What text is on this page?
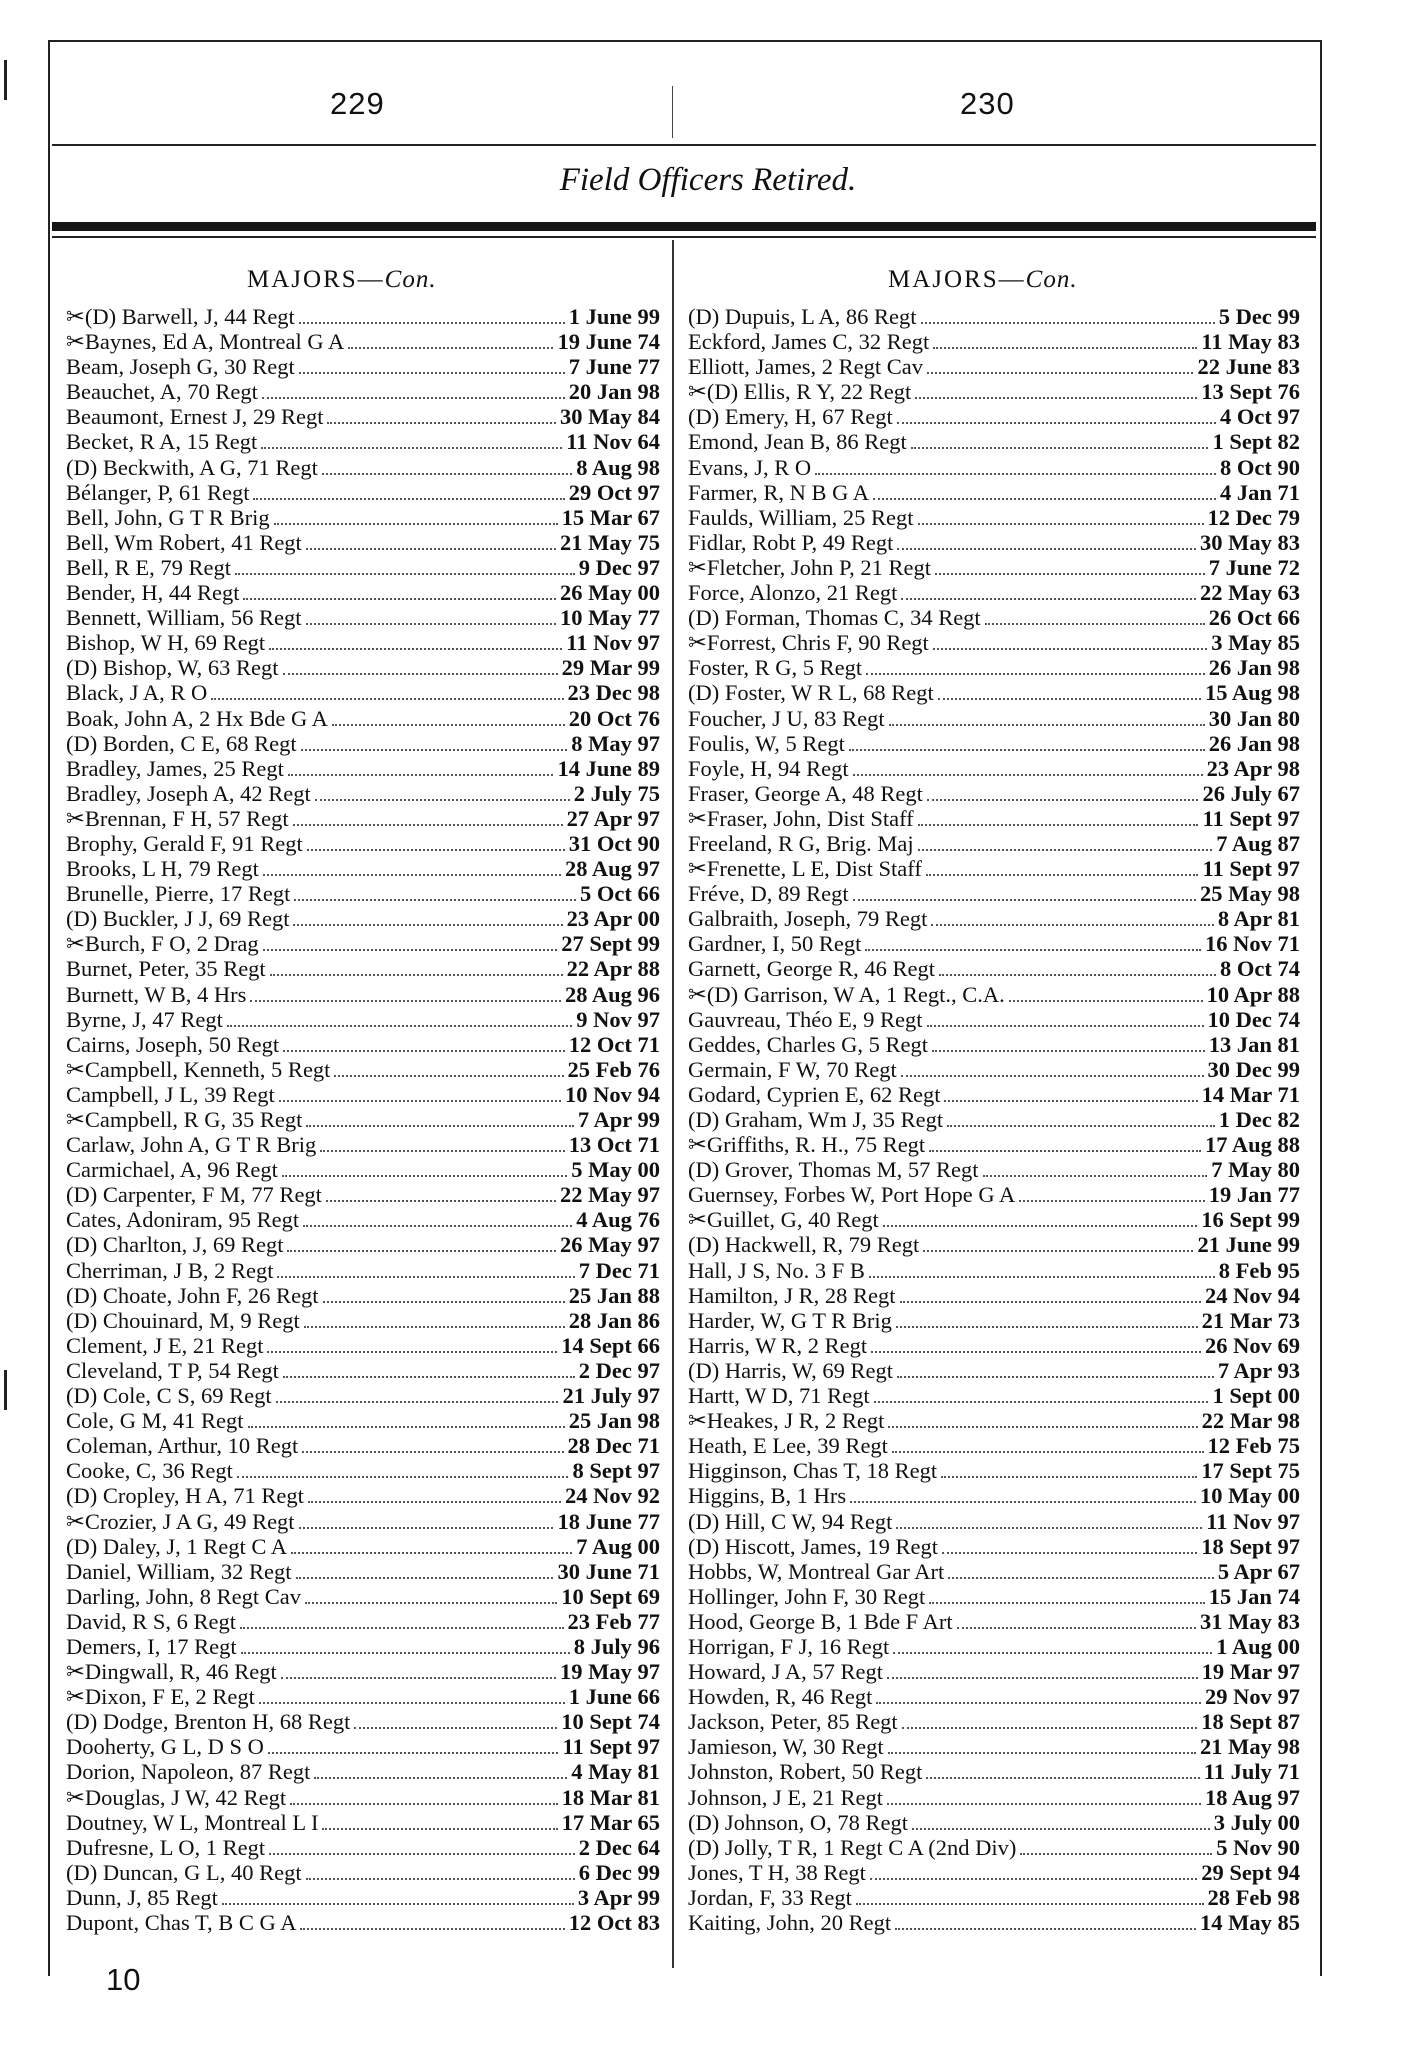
229	230
Field Officers Retired.
MAJORS—Con.	MAJORS—Con.
✂(D) Barwell, J, 44 Regt	1 June 99
✂Baynes, Ed A, Montreal G A	19 June 74
Beam, Joseph G, 30 Regt	7 June 77
Beauchet, A, 70 Regt	20 Jan 98
Beaumont, Ernest J, 29 Regt	30 May 84
Becket, R A, 15 Regt	11 Nov 64
(D) Beckwith, A G, 71 Regt	8 Aug 98
Bélanger, P, 61 Regt	29 Oct 97
Bell, John, G T R Brig	15 Mar 67
Bell, Wm Robert, 41 Regt	21 May 75
Bell, R E, 79 Regt	9 Dec 97
Bender, H, 44 Regt	26 May 00
Bennett, William, 56 Regt	10 May 77
Bishop, W H, 69 Regt	11 Nov 97
(D) Bishop, W, 63 Regt	29 Mar 99
Black, J A, R O	23 Dec 98
Boak, John A, 2 Hx Bde G A	20 Oct 76
(D) Borden, C E, 68 Regt	8 May 97
Bradley, James, 25 Regt	14 June 89
Bradley, Joseph A, 42 Regt	2 July 75
✂Brennan, F H, 57 Regt	27 Apr 97
Brophy, Gerald F, 91 Regt	31 Oct 90
Brooks, L H, 79 Regt	28 Aug 97
Brunelle, Pierre, 17 Regt	5 Oct 66
(D) Buckler, J J, 69 Regt	23 Apr 00
✂Burch, F O, 2 Drag	27 Sept 99
Burnet, Peter, 35 Regt	22 Apr 88
Burnett, W B, 4 Hrs	28 Aug 96
Byrne, J, 47 Regt	9 Nov 97
Cairns, Joseph, 50 Regt	12 Oct 71
✂Campbell, Kenneth, 5 Regt	25 Feb 76
Campbell, J L, 39 Regt	10 Nov 94
✂Campbell, R G, 35 Regt	7 Apr 99
Carlaw, John A, G T R Brig	13 Oct 71
Carmichael, A, 96 Regt	5 May 00
(D) Carpenter, F M, 77 Regt	22 May 97
Cates, Adoniram, 95 Regt	4 Aug 76
(D) Charlton, J, 69 Regt	26 May 97
Cherriman, J B, 2 Regt	7 Dec 71
(D) Choate, John F, 26 Regt	25 Jan 88
(D) Chouinard, M, 9 Regt	28 Jan 86
Clement, J E, 21 Regt	14 Sept 66
Cleveland, T P, 54 Regt	2 Dec 97
(D) Cole, C S, 69 Regt	21 July 97
Cole, G M, 41 Regt	25 Jan 98
Coleman, Arthur, 10 Regt	28 Dec 71
Cooke, C, 36 Regt	8 Sept 97
(D) Cropley, H A, 71 Regt	24 Nov 92
✂Crozier, J A G, 49 Regt	18 June 77
(D) Daley, J, 1 Regt C A	7 Aug 00
Daniel, William, 32 Regt	30 June 71
Darling, John, 8 Regt Cav	10 Sept 69
David, R S, 6 Regt	23 Feb 77
Demers, I, 17 Regt	8 July 96
✂Dingwall, R, 46 Regt	19 May 97
✂Dixon, F E, 2 Regt	1 June 66
(D) Dodge, Brenton H, 68 Regt	10 Sept 74
Dooherty, G L, D S O	11 Sept 97
Dorion, Napoleon, 87 Regt	4 May 81
✂Douglas, J W, 42 Regt	18 Mar 81
Doutney, W L, Montreal L I	17 Mar 65
Dufresne, L O, 1 Regt	2 Dec 64
(D) Duncan, G L, 40 Regt	6 Dec 99
Dunn, J, 85 Regt	3 Apr 99
Dupont, Chas T, B C G A	12 Oct 83
(D) Dupuis, L A, 86 Regt	5 Dec 99
Eckford, James C, 32 Regt	11 May 83
Elliott, James, 2 Regt Cav	22 June 83
✂(D) Ellis, R Y, 22 Regt	13 Sept 76
(D) Emery, H, 67 Regt	4 Oct 97
Emond, Jean B, 86 Regt	1 Sept 82
Evans, J, R O	8 Oct 90
Farmer, R, N B G A	4 Jan 71
Faulds, William, 25 Regt	12 Dec 79
Fidlar, Robt P, 49 Regt	30 May 83
✂Fletcher, John P, 21 Regt	7 June 72
Force, Alonzo, 21 Regt	22 May 63
(D) Forman, Thomas C, 34 Regt	26 Oct 66
✂Forrest, Chris F, 90 Regt	3 May 85
Foster, R G, 5 Regt	26 Jan 98
(D) Foster, W R L, 68 Regt	15 Aug 98
Foucher, J U, 83 Regt	30 Jan 80
Foulis, W, 5 Regt	26 Jan 98
Foyle, H, 94 Regt	23 Apr 98
Fraser, George A, 48 Regt	26 July 67
✂Fraser, John, Dist Staff	11 Sept 97
Freeland, R G, Brig. Maj	7 Aug 87
✂Frenette, L E, Dist Staff	11 Sept 97
Fréve, D, 89 Regt	25 May 98
Galbraith, Joseph, 79 Regt	8 Apr 81
Gardner, I, 50 Regt	16 Nov 71
Garnett, George R, 46 Regt	8 Oct 74
✂(D) Garrison, W A, 1 Regt., C.A.	10 Apr 88
Gauvreau, Théo E, 9 Regt	10 Dec 74
Geddes, Charles G, 5 Regt	13 Jan 81
Germain, F W, 70 Regt	30 Dec 99
Godard, Cyprien E, 62 Regt	14 Mar 71
(D) Graham, Wm J, 35 Regt	1 Dec 82
✂Griffiths, R. H., 75 Regt	17 Aug 88
(D) Grover, Thomas M, 57 Regt	7 May 80
Guernsey, Forbes W, Port Hope G A	19 Jan 77
✂Guillet, G, 40 Regt	16 Sept 99
(D) Hackwell, R, 79 Regt	21 June 99
Hall, J S, No. 3 F B	8 Feb 95
Hamilton, J R, 28 Regt	24 Nov 94
Harder, W, G T R Brig	21 Mar 73
Harris, W R, 2 Regt	26 Nov 69
(D) Harris, W, 69 Regt	7 Apr 93
Hartt, W D, 71 Regt	1 Sept 00
✂Heakes, J R, 2 Regt	22 Mar 98
Heath, E Lee, 39 Regt	12 Feb 75
Higginson, Chas T, 18 Regt	17 Sept 75
Higgins, B, 1 Hrs	10 May 00
(D) Hill, C W, 94 Regt	11 Nov 97
(D) Hiscott, James, 19 Regt	18 Sept 97
Hobbs, W, Montreal Gar Art	5 Apr 67
Hollinger, John F, 30 Regt	15 Jan 74
Hood, George B, 1 Bde F Art	31 May 83
Horrigan, F J, 16 Regt	1 Aug 00
Howard, J A, 57 Regt	19 Mar 97
Howden, R, 46 Regt	29 Nov 97
Jackson, Peter, 85 Regt	18 Sept 87
Jamieson, W, 30 Regt	21 May 98
Johnston, Robert, 50 Regt	11 July 71
Johnson, J E, 21 Regt	18 Aug 97
(D) Johnson, O, 78 Regt	3 July 00
(D) Jolly, T R, 1 Regt C A (2nd Div)	5 Nov 90
Jones, T H, 38 Regt	29 Sept 94
Jordan, F, 33 Regt	28 Feb 98
Kaiting, John, 20 Regt	14 May 85
10
